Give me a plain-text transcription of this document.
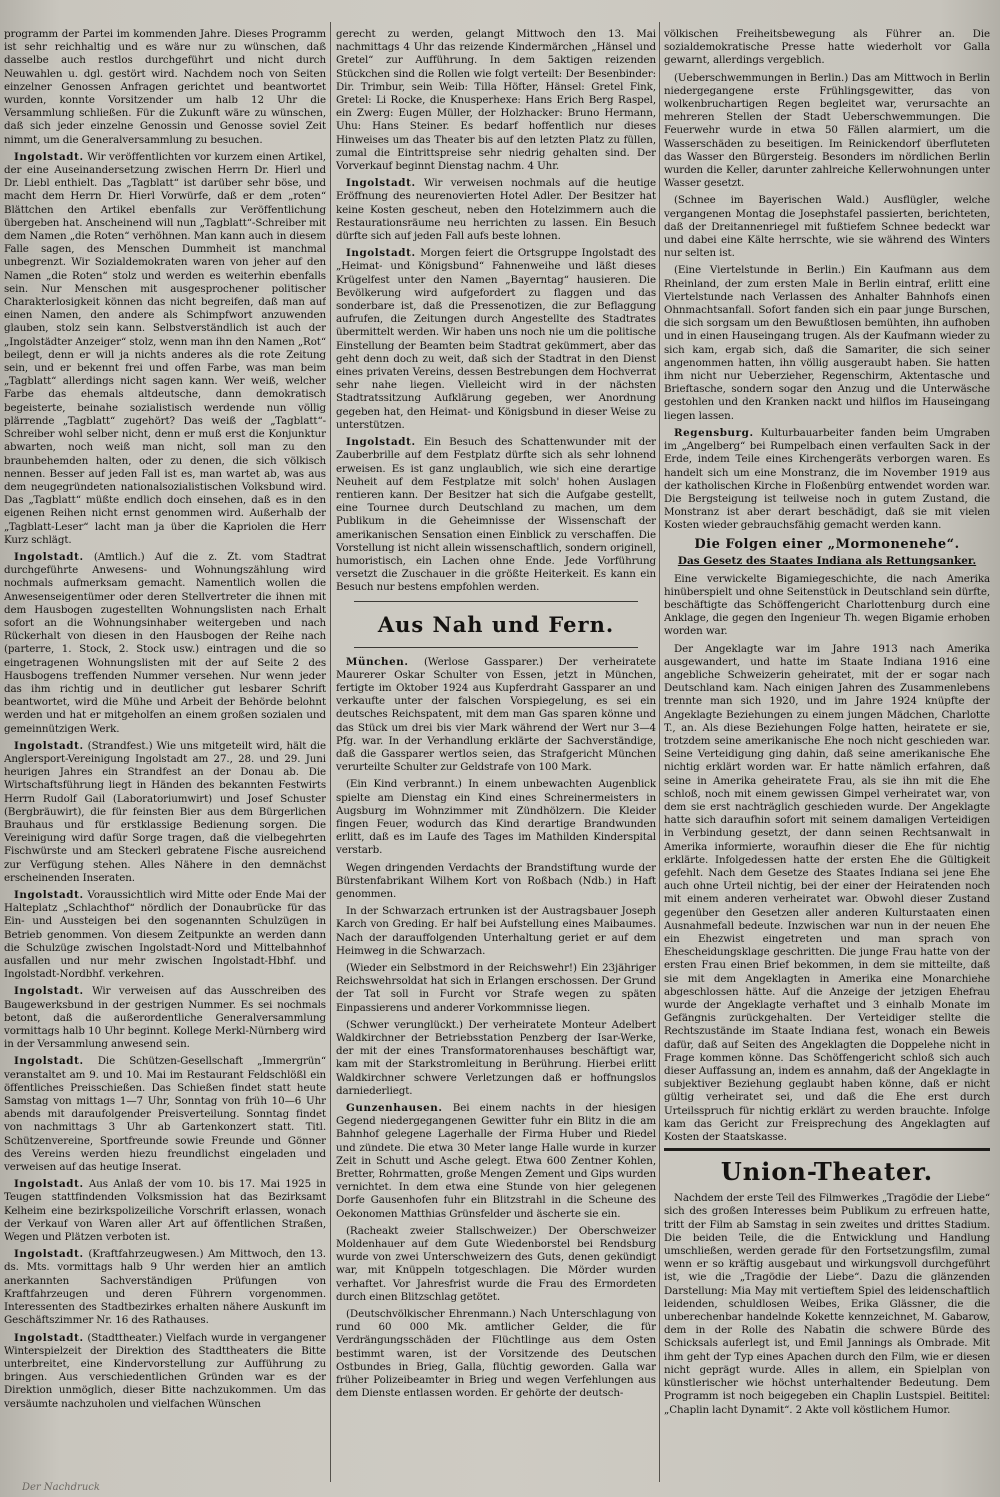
programm der Partei im kommenden Jahre. Dieses Programm ist sehr reichhaltig und es wäre nur zu wünschen, daß dasselbe auch restlos durchgeführt und nicht durch Neuwahlen u. dgl. gestört wird. Nachdem noch von Seiten einzelner Genossen Anfragen gerichtet und beantwortet wurden, konnte Vorsitzender um halb 12 Uhr die Versammlung schließen. Für die Zukunft wäre zu wünschen, daß sich jeder einzelne Genossin und Genosse soviel Zeit nimmt, um die Generalversammlung zu besuchen.

Ingolstadt. Wir veröffentlichten vor kurzem einen Artikel, der eine Auseinandersetzung zwischen Herrn Dr. Hierl und Dr. Liebl enthielt. Das „Tagblatt“ ist darüber sehr böse, und macht dem Herrn Dr. Hierl Vorwürfe, daß er dem „roten“ Blättchen den Artikel ebenfalls zur Veröffentlichung übergeben hat. Anscheinend will nun „Tagblatt“-Schreiber mit dem Namen „die Roten“ verhöhnen. Man kann auch in diesem Falle sagen, des Menschen Dummheit ist manchmal unbegrenzt. Wir Sozialdemokraten waren von jeher auf den Namen „die Roten“ stolz und werden es weiterhin ebenfalls sein. Nur Menschen mit ausgesprochener politischer Charakterlosigkeit können das nicht begreifen, daß man auf einen Namen, den andere als Schimpfwort anzuwenden glauben, stolz sein kann. Selbstverständlich ist auch der „Ingolstädter Anzeiger“ stolz, wenn man ihn den Namen „Rot“ beilegt, denn er will ja nichts anderes als die rote Zeitung sein, und er bekennt frei und offen Farbe, was man beim „Tagblatt“ allerdings nicht sagen kann. Wer weiß, welcher Farbe das ehemals altdeutsche, dann demokratisch begeisterte, beinahe sozialistisch werdende nun völlig plärrende „Tagblatt“ zugehört? Das weiß der „Tagblatt“-Schreiber wohl selber nicht, denn er muß erst die Konjunktur abwarten, noch weiß man nicht, soll man zu den braunbehemden halten, oder zu denen, die sich völkisch nennen. Besser auf jeden Fall ist es, man wartet ab, was aus dem neugegründeten nationalsozialistischen Volksbund wird. Das „Tagblatt“ müßte endlich doch einsehen, daß es in den eigenen Reihen nicht ernst genommen wird. Außerhalb der „Tagblatt-Leser“ lacht man ja über die Kapriolen die Herr Kurz schlägt.

Ingolstadt. (Amtlich.) Auf die z. Zt. vom Stadtrat durchgeführte Anwesens- und Wohnungszählung wird nochmals aufmerksam gemacht. Namentlich wollen die Anwesenseigentümer oder deren Stellvertreter die ihnen mit dem Hausbogen zugestellten Wohnungslisten nach Erhalt sofort an die Wohnungsinhaber weitergeben und nach Rückerhalt von diesen in den Hausbogen der Reihe nach (parterre, 1. Stock, 2. Stock usw.) eintragen und die so eingetragenen Wohnungslisten mit der auf Seite 2 des Hausbogens treffenden Nummer versehen. Nur wenn jeder das ihm richtig und in deutlicher gut lesbarer Schrift beantwortet, wird die Mühe und Arbeit der Behörde belohnt werden und hat er mitgeholfen an einem großen sozialen und gemeinnützigen Werk.

Ingolstadt. (Strandfest.) Wie uns mitgeteilt wird, hält die Anglersport-Vereinigung Ingolstadt am 27., 28. und 29. Juni heurigen Jahres ein Strandfest an der Donau ab. Die Wirtschaftsführung liegt in Händen des bekannten Festwirts Herrn Rudolf Gail (Laboratoriumwirt) und Josef Schuster (Bergbräuwirt), die für feinsten Bier aus dem Bürgerlichen Brauhaus und für erstklassige Bedienung sorgen. Die Vereinigung wird dafür Sorge tragen, daß die vielbegehrten Fischwürste und am Steckerl gebratene Fische ausreichend zur Verfügung stehen. Alles Nähere in den demnächst erscheinenden Inseraten.

Ingolstadt. Voraussichtlich wird Mitte oder Ende Mai der Halteplatz „Schlachthof“ nördlich der Donaubrücke für das Ein- und Aussteigen bei den sogenannten Schulzügen in Betrieb genommen. Von diesem Zeitpunkte an werden dann die Schulzüge zwischen Ingolstadt-Nord und Mittelbahnhof ausfallen und nur mehr zwischen Ingolstadt-Hbhf. und Ingolstadt-Nordbhf. verkehren.

Ingolstadt. Wir verweisen auf das Ausschreiben des Baugewerksbund in der gestrigen Nummer. Es sei nochmals betont, daß die außerordentliche Generalversammlung vormittags halb 10 Uhr beginnt. Kollege Merkl-Nürnberg wird in der Versammlung anwesend sein.

Ingolstadt. Die Schützen-Gesellschaft „Immergrün“ veranstaltet am 9. und 10. Mai im Restaurant Feldschlößl ein öffentliches Preisschießen. Das Schießen findet statt heute Samstag von mittags 1—7 Uhr, Sonntag von früh 10—6 Uhr abends mit daraufolgender Preisverteilung. Sonntag findet von nachmittags 3 Uhr ab Gartenkonzert statt. Titl. Schützenvereine, Sportfreunde sowie Freunde und Gönner des Vereins werden hiezu freundlichst eingeladen und verweisen auf das heutige Inserat.

Ingolstadt. Aus Anlaß der vom 10. bis 17. Mai 1925 in Teugen stattfindenden Volksmission hat das Bezirksamt Kelheim eine bezirkspolizeiliche Vorschrift erlassen, wonach der Verkauf von Waren aller Art auf öffentlichen Straßen, Wegen und Plätzen verboten ist.

Ingolstadt. (Kraftfahrzeugwesen.) Am Mittwoch, den 13. ds. Mts. vormittags halb 9 Uhr werden hier an amtlich anerkannten Sachverständigen Prüfungen von Kraftfahrzeugen und deren Führern vorgenommen. Interessenten des Stadtbezirkes erhalten nähere Auskunft im Geschäftszimmer Nr. 16 des Rathauses.

Ingolstadt. (Stadttheater.) Vielfach wurde in vergangener Winterspielzeit der Direktion des Stadttheaters die Bitte unterbreitet, eine Kindervorstellung zur Aufführung zu bringen. Aus verschiedentlichen Gründen war es der Direktion unmöglich, dieser Bitte nachzukommen. Um das versäumte nachzuholen und vielfachen Wünschen

gerecht zu werden, gelangt Mittwoch den 13. Mai nachmittags 4 Uhr das reizende Kindermärchen „Hänsel und Gretel“ zur Aufführung. In dem 5aktigen reizenden Stückchen sind die Rollen wie folgt verteilt: Der Besenbinder: Dir. Trimbur, sein Weib: Tilla Höfter, Hänsel: Gretel Fink, Gretel: Li Rocke, die Knusperhexe: Hans Erich Berg Raspel, ein Zwerg: Eugen Müller, der Holzhacker: Bruno Hermann, Uhu: Hans Steiner. Es bedarf hoffentlich nur dieses Hinweises um das Theater bis auf den letzten Platz zu füllen, zumal die Eintrittspreise sehr niedrig gehalten sind. Der Vorverkauf beginnt Dienstag nachm. 4 Uhr.

Ingolstadt. Wir verweisen nochmals auf die heutige Eröffnung des neurenovierten Hotel Adler. Der Besitzer hat keine Kosten gescheut, neben den Hotelzimmern auch die Restaurationsräume neu herrichten zu lassen. Ein Besuch dürfte sich auf jeden Fall aufs beste lohnen.

Ingolstadt. Morgen feiert die Ortsgruppe Ingolstadt des „Heimat- und Königsbund“ Fahnenweihe und läßt dieses Krügelfest unter den Namen „Bayerntag“ hausieren. Die Bevölkerung wird aufgefordert zu flaggen und das sonderbare ist, daß die Pressenotizen, die zur Beflaggung aufrufen, die Zeitungen durch Angestellte des Stadtrates übermittelt werden. Wir haben uns noch nie um die politische Einstellung der Beamten beim Stadtrat gekümmert, aber das geht denn doch zu weit, daß sich der Stadtrat in den Dienst eines privaten Vereins, dessen Bestrebungen dem Hochverrat sehr nahe liegen. Vielleicht wird in der nächsten Stadtratssitzung Aufklärung gegeben, wer Anordnung gegeben hat, den Heimat- und Königsbund in dieser Weise zu unterstützen.

Ingolstadt. Ein Besuch des Schattenwunder mit der Zauberbrille auf dem Festplatz dürfte sich als sehr lohnend erweisen. Es ist ganz unglaublich, wie sich eine derartige Neuheit auf dem Festplatze mit solch' hohen Auslagen rentieren kann. Der Besitzer hat sich die Aufgabe gestellt, eine Tournee durch Deutschland zu machen, um dem Publikum in die Geheimnisse der Wissenschaft der amerikanischen Sensation einen Einblick zu verschaffen. Die Vorstellung ist nicht allein wissenschaftlich, sondern originell, humoristisch, ein Lachen ohne Ende. Jede Vorführung versetzt die Zuschauer in die größte Heiterkeit. Es kann ein Besuch nur bestens empfohlen werden.

Aus Nah und Fern.

München. (Werlose Gassparer.) Der verheiratete Maurerer Oskar Schulter von Essen, jetzt in München, fertigte im Oktober 1924 aus Kupferdraht Gassparer an und verkaufte unter der falschen Vorspiegelung, es sei ein deutsches Reichspatent, mit dem man Gas sparen könne und das Stück um drei bis vier Mark während der Wert nur 3—4 Pfg. war. In der Verhandlung erklärte der Sachverständige, daß die Gassparer wertlos seien, das Strafgericht München verurteilte Schulter zur Geldstrafe von 100 Mark.

(Ein Kind verbrannt.) In einem unbewachten Augenblick spielte am Dienstag ein Kind eines Schreinermeisters in Augsburg im Wohnzimmer mit Zündhölzern. Die Kleider fingen Feuer, wodurch das Kind derartige Brandwunden erlitt, daß es im Laufe des Tages im Mathilden Kinderspital verstarb.

Wegen dringenden Verdachts der Brandstiftung wurde der Bürstenfabrikant Wilhem Kort von Roßbach (Ndb.) in Haft genommen.

In der Schwarzach ertrunken ist der Austragsbauer Joseph Karch von Greding. Er half bei Aufstellung eines Maibaumes. Nach der darauffolgenden Unterhaltung geriet er auf dem Heimweg in die Schwarzach.

(Wieder ein Selbstmord in der Reichswehr!) Ein 23jähriger Reichswehrsoldat hat sich in Erlangen erschossen. Der Grund der Tat soll in Furcht vor Strafe wegen zu späten Einpassierens und anderer Vorkommnisse liegen.

(Schwer verunglückt.) Der verheiratete Monteur Adelbert Waldkirchner der Betriebsstation Penzberg der Isar-Werke, der mit der eines Transformatorenhauses beschäftigt war, kam mit der Starkstromleitung in Berührung. Hierbei erlitt Waldkirchner schwere Verletzungen daß er hoffnungslos darniederliegt.

Gunzenhausen. Bei einem nachts in der hiesigen Gegend niedergegangenen Gewitter fuhr ein Blitz in die am Bahnhof gelegene Lagerhalle der Firma Huber und Riedel und zündete. Die etwa 30 Meter lange Halle wurde in kurzer Zeit in Schutt und Asche gelegt. Etwa 600 Zentner Kohlen, Bretter, Rohrmatten, große Mengen Zement und Gips wurden vernichtet. In dem etwa eine Stunde von hier gelegenen Dorfe Gausenhofen fuhr ein Blitzstrahl in die Scheune des Oekonomen Matthias Grünsfelder und äscherte sie ein.

(Racheakt zweier Stallschweizer.) Der Oberschweizer Moldenhauer auf dem Gute Wiedenborstel bei Rendsburg wurde von zwei Unterschweizern des Guts, denen gekündigt war, mit Knüppeln totgeschlagen. Die Mörder wurden verhaftet. Vor Jahresfrist wurde die Frau des Ermordeten durch einen Blitzschlag getötet.

(Deutschvölkischer Ehrenmann.) Nach Unterschlagung von rund 60 000 Mk. amtlicher Gelder, die für Verdrängungsschäden der Flüchtlinge aus dem Osten bestimmt waren, ist der Vorsitzende des Deutschen Ostbundes in Brieg, Galla, flüchtig geworden. Galla war früher Polizeibeamter in Brieg und wegen Verfehlungen aus dem Dienste entlassen worden. Er gehörte der deutsch-

völkischen Freiheitsbewegung als Führer an. Die sozialdemokratische Presse hatte wiederholt vor Galla gewarnt, allerdings vergeblich.

(Ueberschwemmungen in Berlin.) Das am Mittwoch in Berlin niedergegangene erste Frühlingsgewitter, das von wolkenbruchartigen Regen begleitet war, verursachte an mehreren Stellen der Stadt Ueberschwemmungen. Die Feuerwehr wurde in etwa 50 Fällen alarmiert, um die Wasserschäden zu beseitigen. Im Reinickendorf überfluteten das Wasser den Bürgersteig. Besonders im nördlichen Berlin wurden die Keller, darunter zahlreiche Kellerwohnungen unter Wasser gesetzt.

(Schnee im Bayerischen Wald.) Ausflügler, welche vergangenen Montag die Josephstafel passierten, berichteten, daß der Dreitannenriegel mit fußtiefem Schnee bedeckt war und dabei eine Kälte herrschte, wie sie während des Winters nur selten ist.

(Eine Viertelstunde in Berlin.) Ein Kaufmann aus dem Rheinland, der zum ersten Male in Berlin eintraf, erlitt eine Viertelstunde nach Verlassen des Anhalter Bahnhofs einen Ohnmachtsanfall. Sofort fanden sich ein paar junge Burschen, die sich sorgsam um den Bewußtlosen bemühten, ihn aufhoben und in einen Hauseingang trugen. Als der Kaufmann wieder zu sich kam, ergab sich, daß die Samariter, die sich seiner angenommen hatten, ihn völlig ausgeraubt haben. Sie hatten ihm nicht nur Ueberzieher, Regenschirm, Aktentasche und Brieftasche, sondern sogar den Anzug und die Unterwäsche gestohlen und den Kranken nackt und hilflos im Hauseingang liegen lassen.

Regensburg. Kulturbauarbeiter fanden beim Umgraben im „Angelberg“ bei Rumpelbach einen verfaulten Sack in der Erde, indem Teile eines Kirchengeräts verborgen waren. Es handelt sich um eine Monstranz, die im November 1919 aus der katholischen Kirche in Floßenbürg entwendet worden war. Die Bergsteigung ist teilweise noch in gutem Zustand, die Monstranz ist aber derart beschädigt, daß sie mit vielen Kosten wieder gebrauchsfähig gemacht werden kann.

Die Folgen einer „Mormonenehe“.
Das Gesetz des Staates Indiana als Rettungsanker.

Eine verwickelte Bigamiegeschichte, die nach Amerika hinüberspielt und ohne Seitenstück in Deutschland sein dürfte, beschäftigte das Schöffengericht Charlottenburg durch eine Anklage, die gegen den Ingenieur Th. wegen Bigamie erhoben worden war.

Der Angeklagte war im Jahre 1913 nach Amerika ausgewandert, und hatte im Staate Indiana 1916 eine angebliche Schweizerin geheiratet, mit der er sogar nach Deutschland kam. Nach einigen Jahren des Zusammenlebens trennte man sich 1920, und im Jahre 1924 knüpfte der Angeklagte Beziehungen zu einem jungen Mädchen, Charlotte T., an. Als diese Beziehungen Folge hatten, heiratete er sie, trotzdem seine amerikanische Ehe noch nicht geschieden war. Seine Verteidigung ging dahin, daß seine amerikanische Ehe nichtig erklärt worden war. Er hatte nämlich erfahren, daß seine in Amerika geheiratete Frau, als sie ihn mit die Ehe schloß, noch mit einem gewissen Gimpel verheiratet war, von dem sie erst nachträglich geschieden wurde. Der Angeklagte hatte sich daraufhin sofort mit seinem damaligen Verteidigen in Verbindung gesetzt, der dann seinen Rechtsanwalt in Amerika informierte, woraufhin dieser die Ehe für nichtig erklärte. Infolgedessen hatte der ersten Ehe die Gültigkeit gefehlt. Nach dem Gesetze des Staates Indiana sei jene Ehe auch ohne Urteil nichtig, bei der einer der Heiratenden noch mit einem anderen verheiratet war. Obwohl dieser Zustand gegenüber den Gesetzen aller anderen Kulturstaaten einen Ausnahmefall bedeute. Inzwischen war nun in der neuen Ehe ein Ehezwist eingetreten und man sprach von Ehescheidungsklage geschritten. Die junge Frau hatte von der ersten Frau einen Brief bekommen, in dem sie mitteilte, daß sie mit dem Angeklagten in Amerika eine Monarchiehe abgeschlossen hätte. Auf die Anzeige der jetzigen Ehefrau wurde der Angeklagte verhaftet und 3 einhalb Monate im Gefängnis zurückgehalten. Der Verteidiger stellte die Rechtszustände im Staate Indiana fest, wonach ein Beweis dafür, daß auf Seiten des Angeklagten die Doppelehe nicht in Frage kommen könne. Das Schöffengericht schloß sich auch dieser Auffassung an, indem es annahm, daß der Angeklagte in subjektiver Beziehung geglaubt haben könne, daß er nicht gültig verheiratet sei, und daß die Ehe erst durch Urteilsspruch für nichtig erklärt zu werden brauchte. Infolge kam das Gericht zur Freisprechung des Angeklagten auf Kosten der Staatskasse.

Union-Theater.

Nachdem der erste Teil des Filmwerkes „Tragödie der Liebe“ sich des großen Interesses beim Publikum zu erfreuen hatte, tritt der Film ab Samstag in sein zweites und drittes Stadium. Die beiden Teile, die die Entwicklung und Handlung umschließen, werden gerade für den Fortsetzungsfilm, zumal wenn er so kräftig ausgebaut und wirkungsvoll durchgeführt ist, wie die „Tragödie der Liebe“. Dazu die glänzenden Darstellung: Mia May mit vertieftem Spiel des leidenschaftlich leidenden, schuldlosen Weibes, Erika Glässner, die die unberechenbar handelnde Kokette kennzeichnet, M. Gabarow, dem in der Rolle des Nabatin die schwere Bürde des Schicksals auferlegt ist, und Emil Jannings als Ombrade. Mit ihm geht der Typ eines Apachen durch den Film, wie er diesen nicht geprägt wurde. Alles in allem, ein Spielplan von künstlerischer wie höchst unterhaltender Bedeutung. Dem Programm ist noch beigegeben ein Chaplin Lustspiel. Beititel: „Chaplin lacht Dynamit“. 2 Akte voll köstlichem Humor.

Der Nachdruck
